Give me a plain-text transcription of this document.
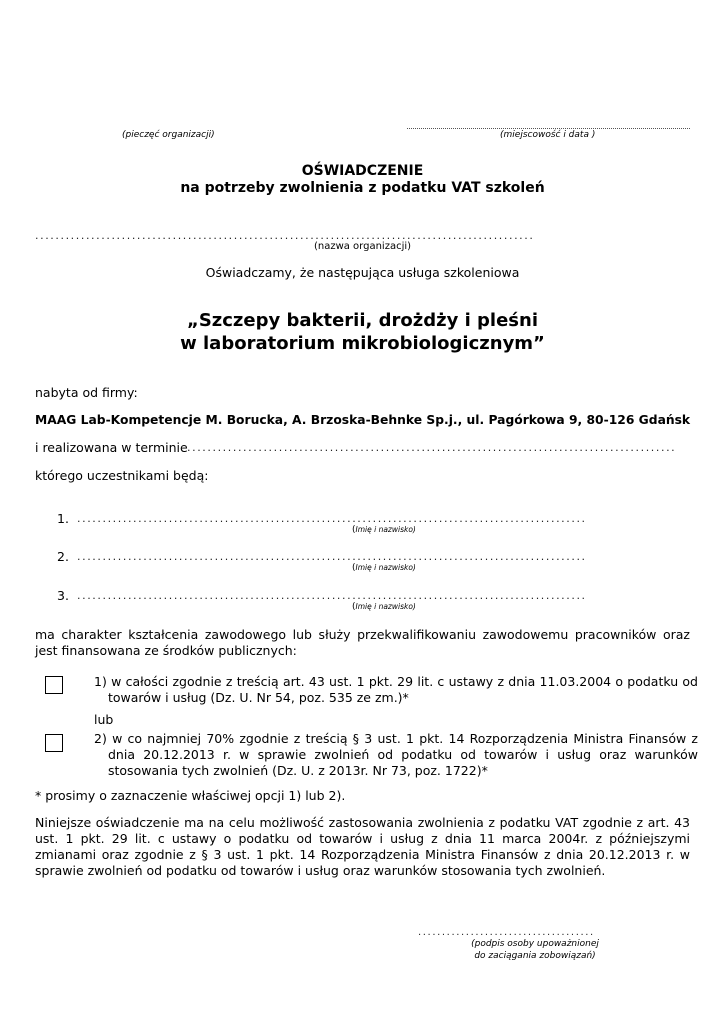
(pieczęć organizacji)	(miejscowość i data )
OŚWIADCZENIE
na potrzeby zwolnienia z podatku VAT szkoleń
..................................................................................................
(nazwa organizacji)
Oświadczamy, że następująca usługa szkoleniowa
„Szczepy bakterii, drożdży i pleśni
w laboratorium mikrobiologicznym”
nabyta od firmy:
MAAG Lab-Kompetencje M. Borucka, A. Brzoska-Behnke Sp.j., ul. Pagórkowa 9, 80-126 Gdańsk
i realizowana w terminie ................................................................................................
którego uczestnikami będą:
1. ....................................................................................................
(Imię i nazwisko)
2. ....................................................................................................
(Imię i nazwisko)
3. ....................................................................................................
(Imię i nazwisko)
ma charakter kształcenia zawodowego lub służy przekwalifikowaniu zawodowemu pracowników oraz jest finansowana ze środków publicznych:
1) w całości zgodnie z treścią art. 43 ust. 1 pkt. 29 lit. c ustawy z dnia 11.03.2004 o podatku od towarów i usług (Dz. U. Nr 54, poz. 535 ze zm.)*
lub
2) w co najmniej 70% zgodnie z treścią § 3 ust. 1 pkt. 14 Rozporządzenia Ministra Finansów z dnia 20.12.2013 r. w sprawie zwolnień od podatku od towarów i usług oraz warunków stosowania tych zwolnień (Dz. U. z 2013r. Nr 73, poz. 1722)*
* prosimy o zaznaczenie właściwej opcji 1) lub 2).
Niniejsze oświadczenie ma na celu możliwość zastosowania zwolnienia z podatku VAT zgodnie z art. 43 ust. 1 pkt. 29 lit. c ustawy o podatku od towarów i usług z dnia 11 marca 2004r. z późniejszymi zmianami oraz zgodnie z § 3 ust. 1 pkt. 14 Rozporządzenia Ministra Finansów z dnia 20.12.2013 r. w sprawie zwolnień od podatku od towarów i usług oraz warunków stosowania tych zwolnień.
.....................................
(podpis osoby upoważnionej
do zaciągania zobowiązań)
